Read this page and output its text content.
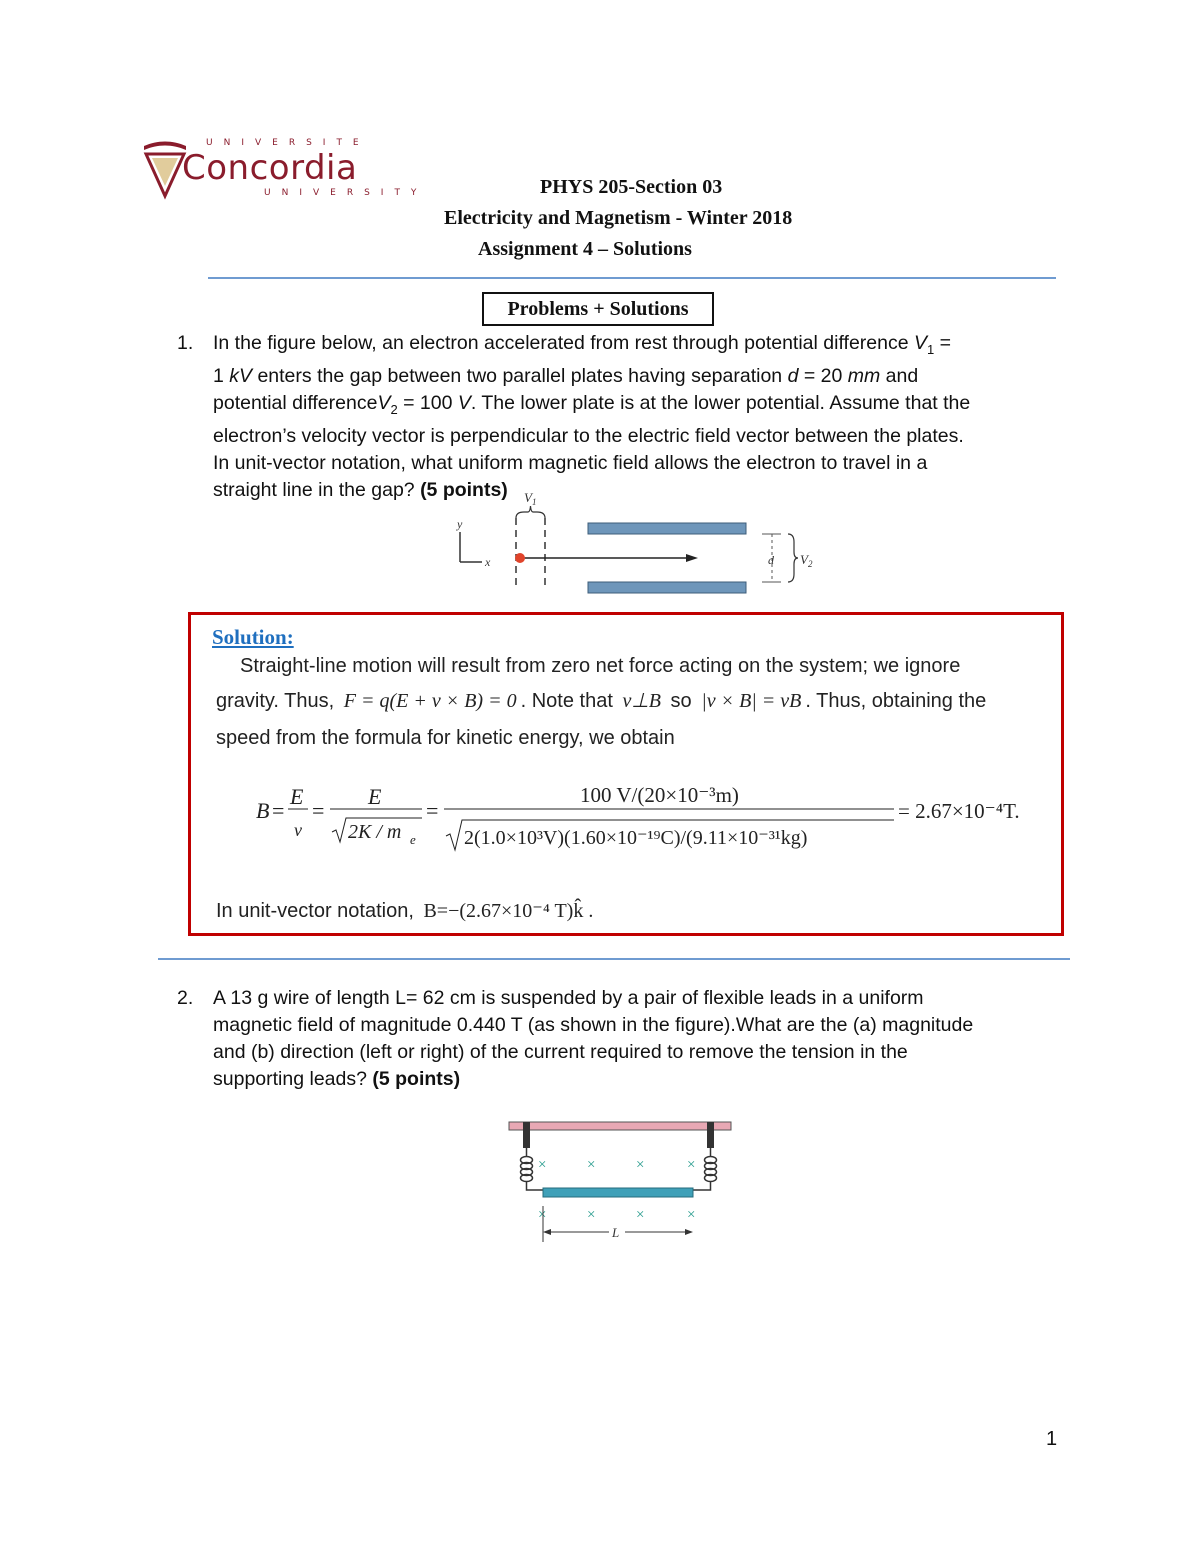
UNIVERSITE
Concordia
UNIVERSITY	PHYS 205-Section 03
Electricity and Magnetism - Winter 2018
Assignment 4 – Solutions
Problems + Solutions
1. In the figure below, an electron accelerated from rest through potential difference $V_1$ =
1 kV enters the gap between two parallel plates having separation d = 20 mm and
potential differenceV$_2$ = 100 V. The lower plate is at the lower potential. Assume that the
electron’s velocity vector is perpendicular to the electric field vector between the plates.
In unit-vector notation, what uniform magnetic field allows the electron to travel in a
straight line in the gap? (5 points)
y
x
$V_1$
d $V_2$
Solution:
Straight-line motion will result from zero net force acting on the system; we ignore
gravity. Thus, F = q(E + v × B) = 0 . Note that v⊥B so |v × B| = vB . Thus, obtaining the
speed from the formula for kinetic energy, we obtain
B =
E
v
=
E
2K / m e
=
100 V/(20×10⁻³m)
2(1.0×10³V)(1.60×10⁻¹⁹C)/(9.11×10⁻³¹kg)
= 2.67×10⁻⁴T.
In unit-vector notation, B=−(2.67×10⁻⁴ T)k̂ .
2. A 13 g wire of length L= 62 cm is suspended by a pair of flexible leads in a uniform
magnetic field of magnitude 0.440 T (as shown in the figure).What are the (a) magnitude
and (b) direction (left or right) of the current required to remove the tension in the
supporting leads? (5 points)
×	×	×	×
×	×	×	×
L
1
